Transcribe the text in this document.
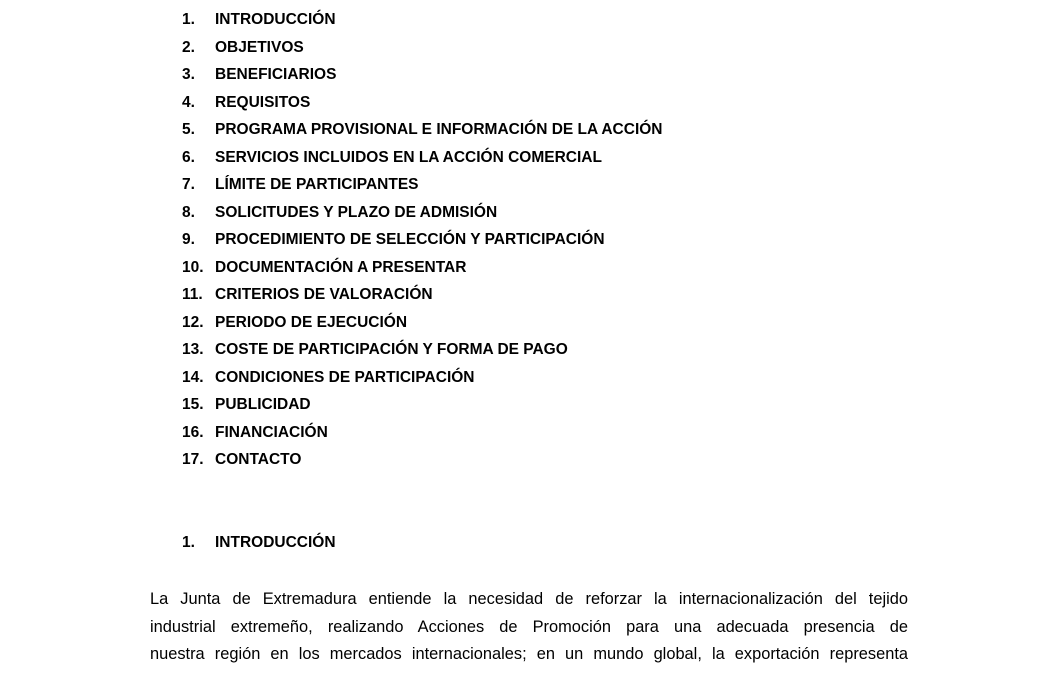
1. INTRODUCCIÓN
2. OBJETIVOS
3. BENEFICIARIOS
4. REQUISITOS
5. PROGRAMA PROVISIONAL E INFORMACIÓN DE LA ACCIÓN
6. SERVICIOS INCLUIDOS EN LA ACCIÓN COMERCIAL
7. LÍMITE DE PARTICIPANTES
8. SOLICITUDES Y PLAZO DE ADMISIÓN
9. PROCEDIMIENTO DE SELECCIÓN Y PARTICIPACIÓN
10. DOCUMENTACIÓN A PRESENTAR
11. CRITERIOS DE VALORACIÓN
12. PERIODO DE EJECUCIÓN
13. COSTE DE PARTICIPACIÓN Y FORMA DE PAGO
14. CONDICIONES DE PARTICIPACIÓN
15. PUBLICIDAD
16. FINANCIACIÓN
17. CONTACTO
1. INTRODUCCIÓN

La Junta de Extremadura entiende la necesidad de reforzar la internacionalización del tejido
industrial extremeño, realizando Acciones de Promoción para una adecuada presencia de
nuestra región en los mercados internacionales; en un mundo global, la exportación representa
